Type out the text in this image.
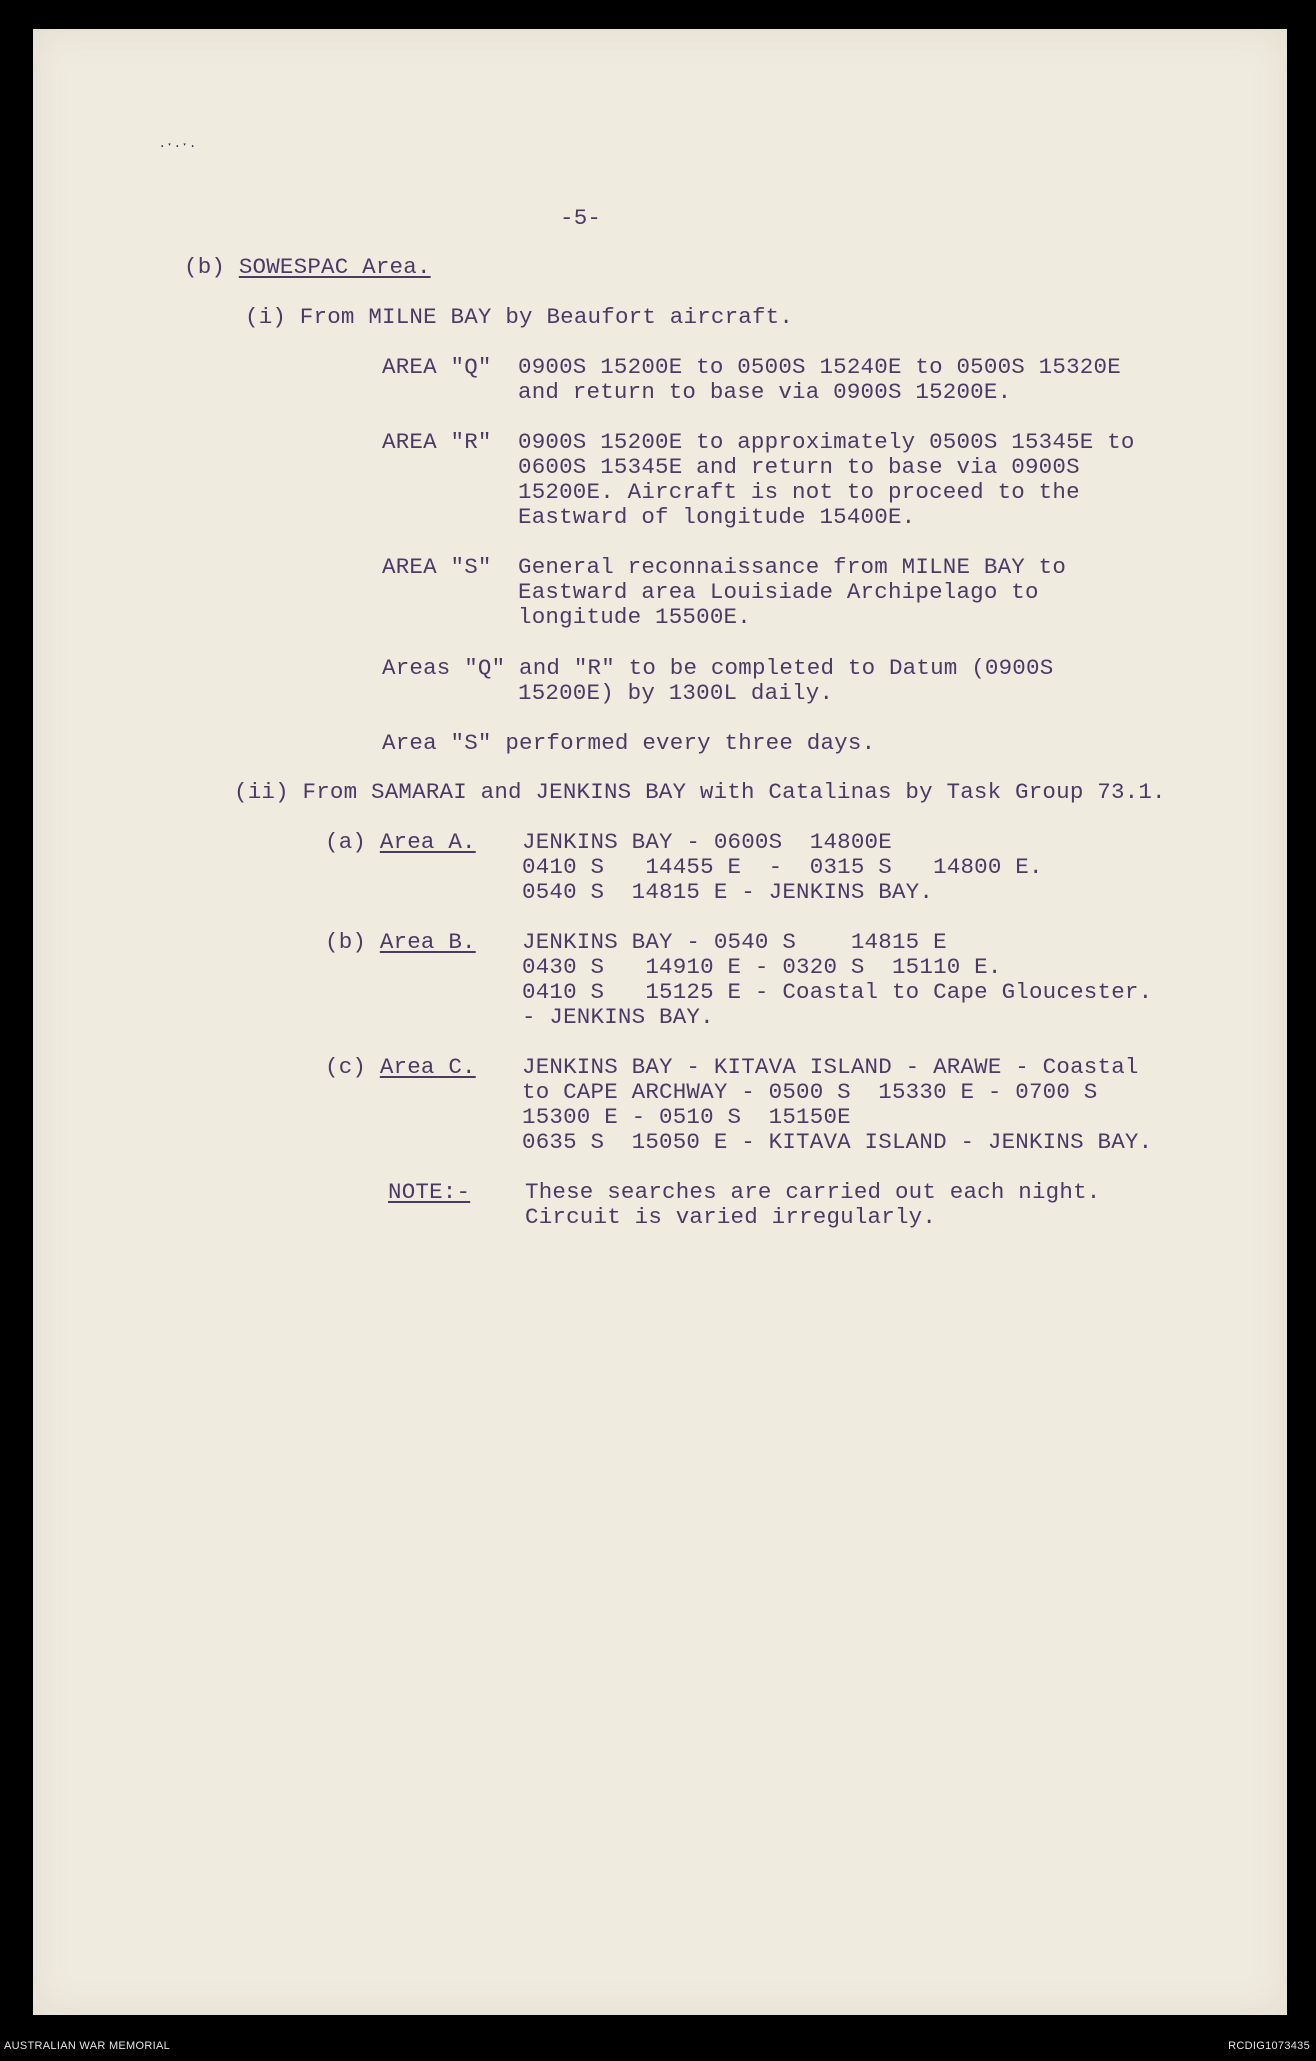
·ˑ·ˑ·
-5-
(b) SOWESPAC Area.
(i) From MILNE BAY by Beaufort aircraft.
AREA "Q" 0900S 15200E to 0500S 15240E to 0500S 15320E
and return to base via 0900S 15200E.
AREA "R" 0900S 15200E to approximately 0500S 15345E to
0600S 15345E and return to base via 0900S
15200E. Aircraft is not to proceed to the
Eastward of longitude 15400E.
AREA "S" General reconnaissance from MILNE BAY to
Eastward area Louisiade Archipelago to
longitude 15500E.
Areas "Q" and "R" to be completed to Datum (0900S
15200E) by 1300L daily.
Area "S" performed every three days.
(ii) From SAMARAI and JENKINS BAY with Catalinas by Task Group 73.1.
(a) Area A. JENKINS BAY - 0600S  14800E
0410 S   14455 E  -  0315 S   14800 E.
0540 S  14815 E - JENKINS BAY.
(b) Area B. JENKINS BAY - 0540 S    14815 E
0430 S   14910 E - 0320 S  15110 E.
0410 S   15125 E - Coastal to Cape Gloucester.
- JENKINS BAY.
(c) Area C. JENKINS BAY - KITAVA ISLAND - ARAWE - Coastal
to CAPE ARCHWAY - 0500 S  15330 E - 0700 S
15300 E - 0510 S  15150E
0635 S  15050 E - KITAVA ISLAND - JENKINS BAY.
NOTE:- These searches are carried out each night.
Circuit is varied irregularly.
AUSTRALIAN WAR MEMORIAL	RCDIG1073435
